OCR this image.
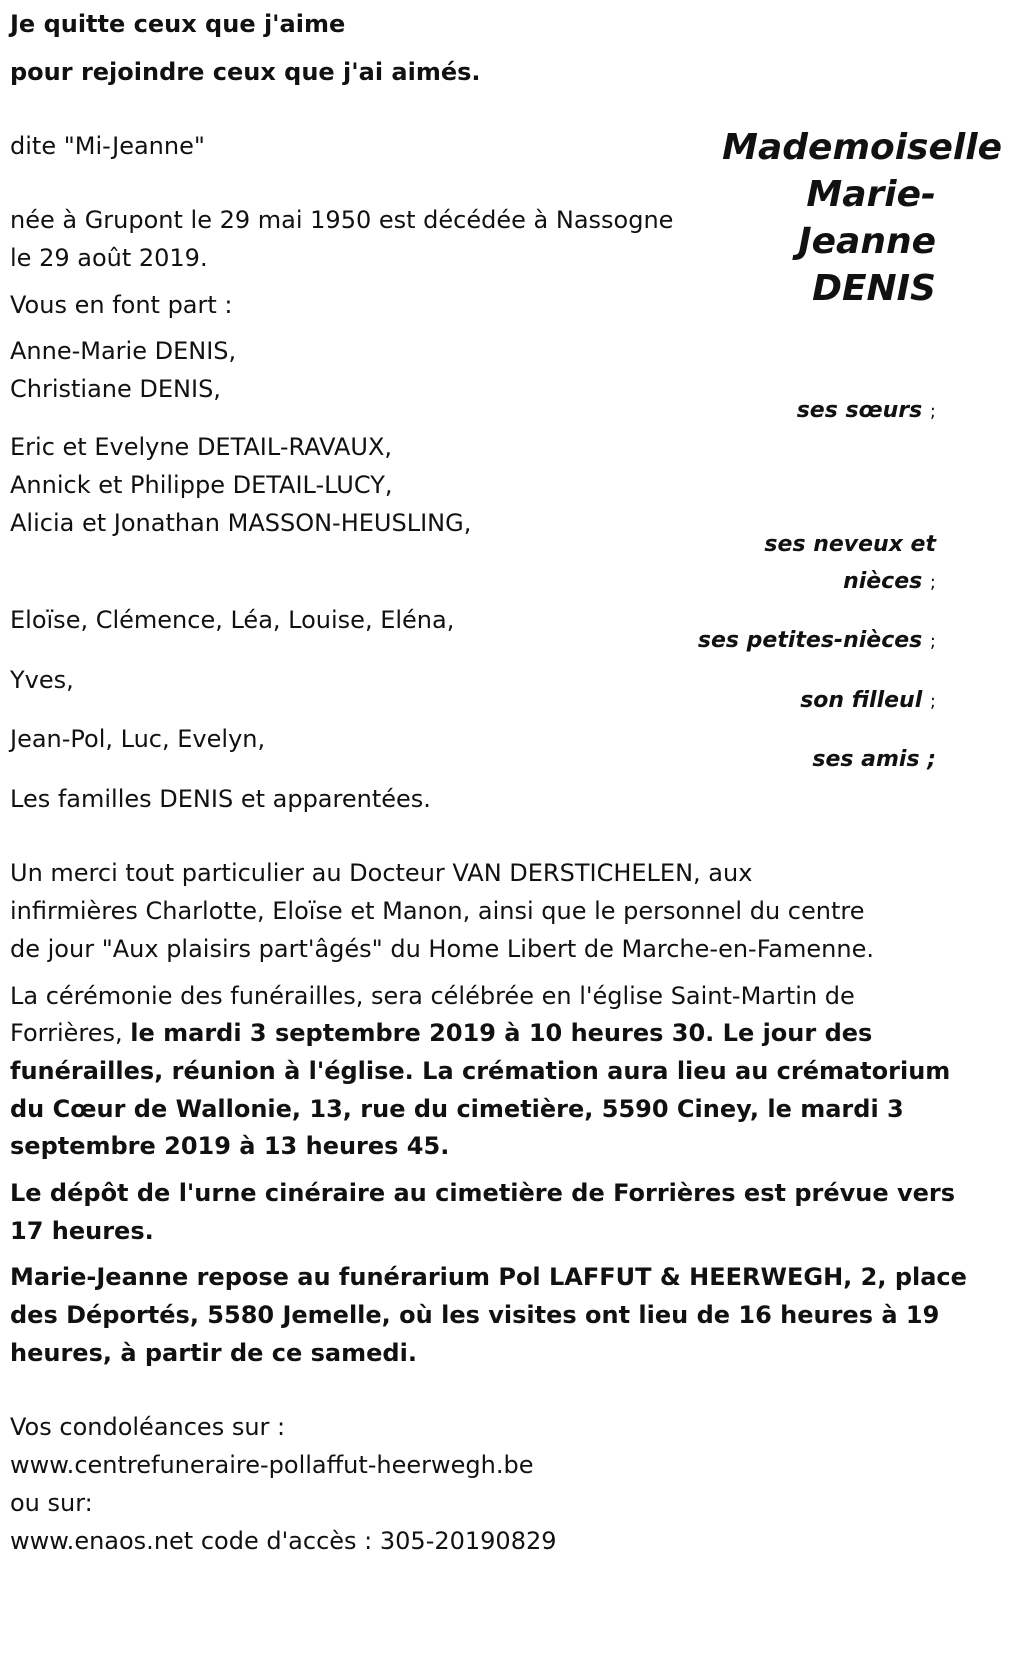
Je quitte ceux que j'aime
pour rejoindre ceux que j'ai aimés.
Mademoiselle
Marie-
Jeanne
DENIS
dite "Mi-Jeanne"
née à Grupont le 29 mai 1950 est décédée à Nassogne
le 29 août 2019.
Vous en font part :
Anne-Marie DENIS,
Christiane DENIS,
ses sœurs ;
Eric et Evelyne DETAIL-RAVAUX,
Annick et Philippe DETAIL-LUCY,
Alicia et Jonathan MASSON-HEUSLING,
ses neveux et
nièces ;
Eloïse, Clémence, Léa, Louise, Eléna,
ses petites-nièces ;
Yves,
son filleul ;
Jean-Pol, Luc, Evelyn,
ses amis ;
Les familles DENIS et apparentées.
Un merci tout particulier au Docteur VAN DERSTICHELEN, aux
infirmières Charlotte, Eloïse et Manon, ainsi que le personnel du centre
de jour "Aux plaisirs part'âgés" du Home Libert de Marche-en-Famenne.
La cérémonie des funérailles, sera célébrée en l'église Saint-Martin de
Forrières, le mardi 3 septembre 2019 à 10 heures 30. Le jour des
funérailles, réunion à l'église. La crémation aura lieu au crématorium
du Cœur de Wallonie, 13, rue du cimetière, 5590 Ciney, le mardi 3
septembre 2019 à 13 heures 45.
Le dépôt de l'urne cinéraire au cimetière de Forrières est prévue vers
17 heures.
Marie-Jeanne repose au funérarium Pol LAFFUT & HEERWEGH, 2, place
des Déportés, 5580 Jemelle, où les visites ont lieu de 16 heures à 19
heures, à partir de ce samedi.
Vos condoléances sur :
www.centrefuneraire-pollaffut-heerwegh.be
ou sur:
www.enaos.net code d'accès : 305-20190829
